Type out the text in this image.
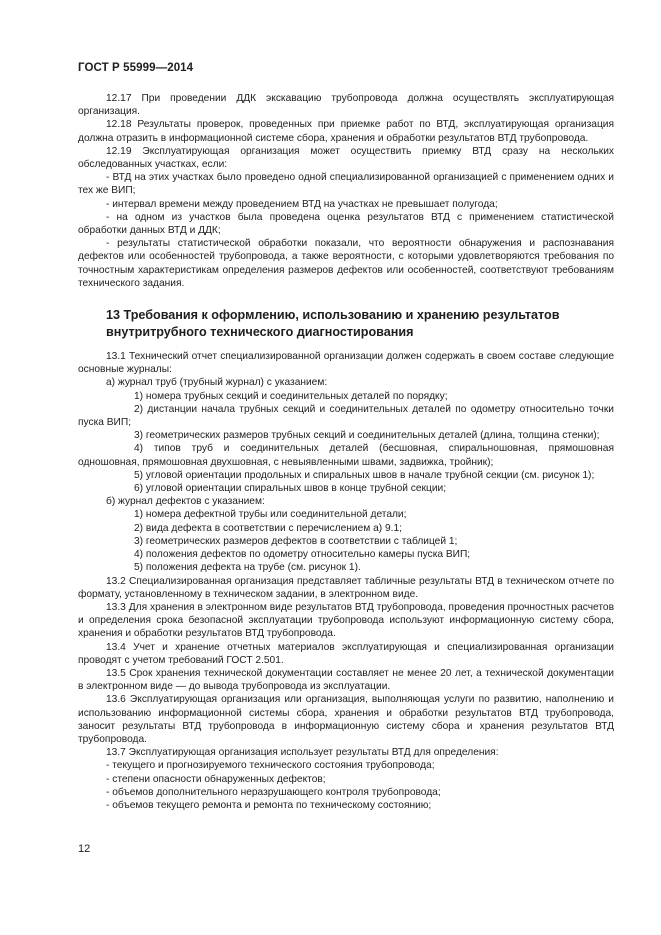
ГОСТ Р 55999—2014

12.17 При проведении ДДК экскавацию трубопровода должна осуществлять эксплуатирующая организация.

12.18 Результаты проверок, проведенных при приемке работ по ВТД, эксплуатирующая организация должна отразить в информационной системе сбора, хранения и обработки результатов ВТД трубопровода.

12.19 Эксплуатирующая организация может осуществить приемку ВТД сразу на нескольких обследованных участках, если:

- ВТД на этих участках было проведено одной специализированной организацией с применением одних и тех же ВИП;

- интервал времени между проведением ВТД на участках не превышает полугода;

- на одном из участков была проведена оценка результатов ВТД с применением статистической обработки данных ВТД и ДДК;

- результаты статистической обработки показали, что вероятности обнаружения и распознавания дефектов или особенностей трубопровода, а также вероятности, с которыми удовлетворяются требования по точностным характеристикам определения размеров дефектов или особенностей, соответствуют требованиям технического задания.

13 Требования к оформлению, использованию и хранению результатов внутритрубного технического диагностирования

13.1 Технический отчет специализированной организации должен содержать в своем составе следующие основные журналы:

а) журнал труб (трубный журнал) с указанием:

1) номера трубных секций и соединительных деталей по порядку;

2) дистанции начала трубных секций и соединительных деталей по одометру относительно точки пуска ВИП;

3) геометрических размеров трубных секций и соединительных деталей (длина, толщина стенки);

4) типов труб и соединительных деталей (бесшовная, спиральношовная, прямошовная одношовная, прямошовная двухшовная, с невыявленными швами, задвижка, тройник);

5) угловой ориентации продольных и спиральных швов в начале трубной секции (см. рисунок 1);

6) угловой ориентации спиральных швов в конце трубной секции;

б) журнал дефектов с указанием:

1) номера дефектной трубы или соединительной детали;

2) вида дефекта в соответствии с перечислением а) 9.1;

3) геометрических размеров дефектов в соответствии с таблицей 1;

4) положения дефектов по одометру относительно камеры пуска ВИП;

5) положения дефекта на трубе (см. рисунок 1).

13.2 Специализированная организация представляет табличные результаты ВТД в техническом отчете по формату, установленному в техническом задании, в электронном виде.

13.3 Для хранения в электронном виде результатов ВТД трубопровода, проведения прочностных расчетов и определения срока безопасной эксплуатации трубопровода используют информационную систему сбора, хранения и обработки результатов ВТД трубопровода.

13.4 Учет и хранение отчетных материалов эксплуатирующая и специализированная организации проводят с учетом требований ГОСТ 2.501.

13.5 Срок хранения технической документации составляет не менее 20 лет, а технической документации в электронном виде — до вывода трубопровода из эксплуатации.

13.6 Эксплуатирующая организация или организация, выполняющая услуги по развитию, наполнению и использованию информационной системы сбора, хранения и обработки результатов ВТД трубопровода, заносит результаты ВТД трубопровода в информационную систему сбора и хранения результатов ВТД трубопровода.

13.7 Эксплуатирующая организация использует результаты ВТД для определения:

- текущего и прогнозируемого технического состояния трубопровода;

- степени опасности обнаруженных дефектов;

- объемов дополнительного неразрушающего контроля трубопровода;

- объемов текущего ремонта и ремонта по техническому состоянию;

12
